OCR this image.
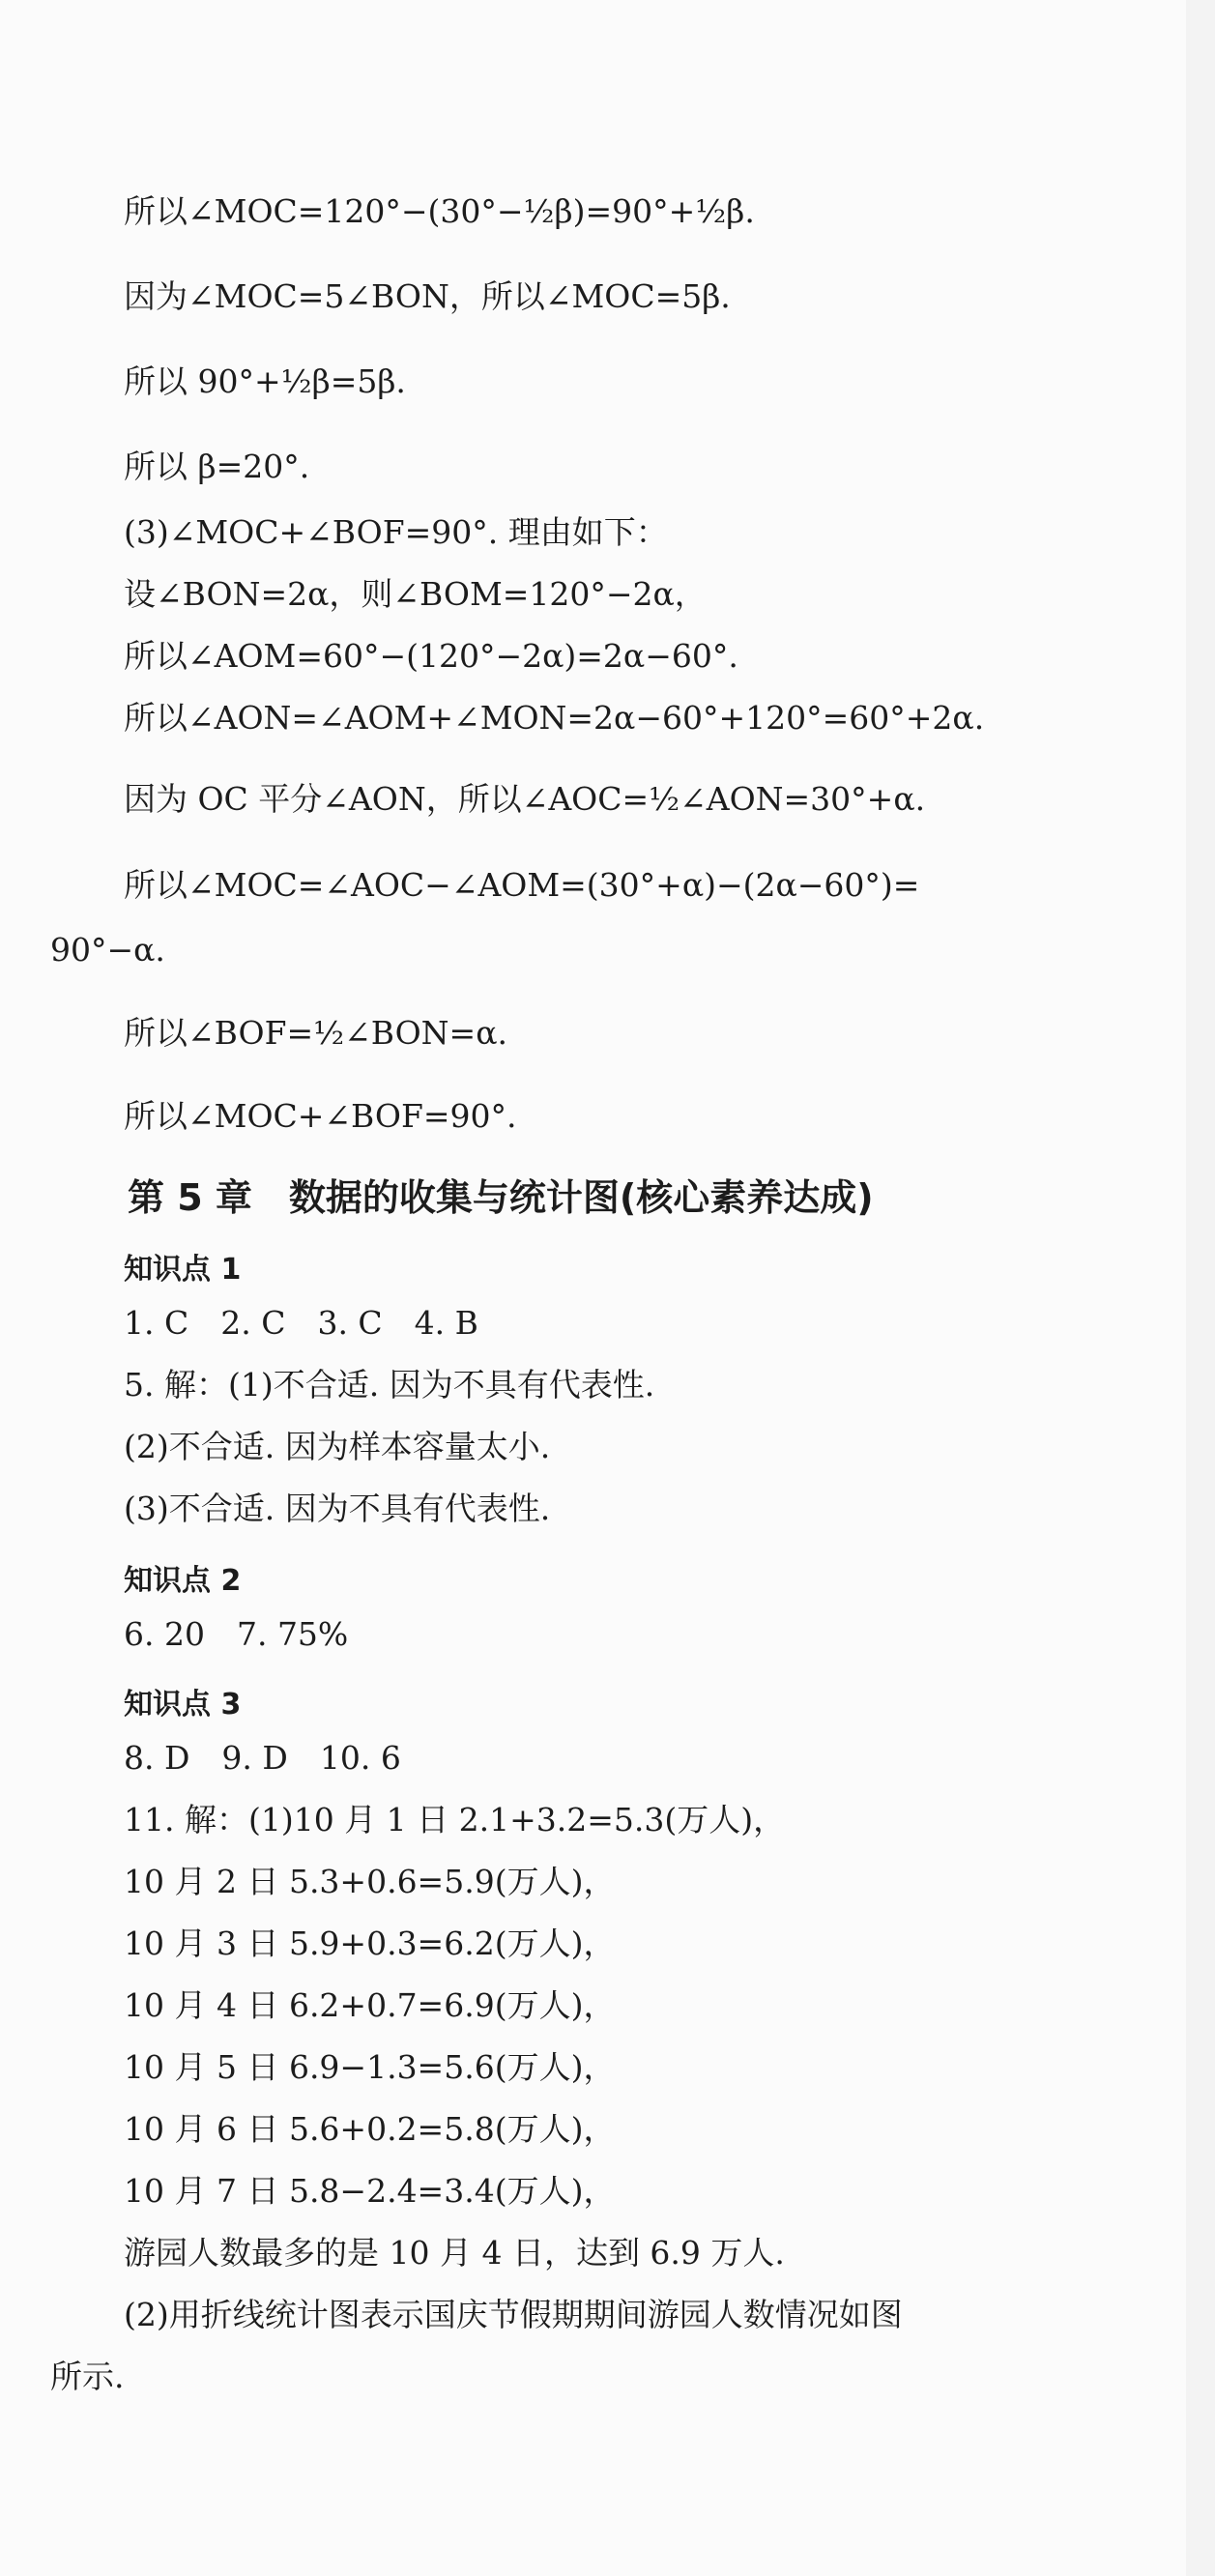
所以∠MOC=120°−(30°−½β)=90°+½β.
因为∠MOC=5∠BON，所以∠MOC=5β.
所以 90°+½β=5β.
所以 β=20°.
(3)∠MOC+∠BOF=90°. 理由如下：
设∠BON=2α，则∠BOM=120°−2α，
所以∠AOM=60°−(120°−2α)=2α−60°.
所以∠AON=∠AOM+∠MON=2α−60°+120°=60°+2α.
因为 OC 平分∠AON，所以∠AOC=½∠AON=30°+α.
所以∠MOC=∠AOC−∠AOM=(30°+α)−(2α−60°)=
90°−α.
所以∠BOF=½∠BON=α.
所以∠MOC+∠BOF=90°.
第 5 章　数据的收集与统计图(核心素养达成)
知识点 1
1. C　2. C　3. C　4. B
5. 解：(1)不合适. 因为不具有代表性.
(2)不合适. 因为样本容量太小.
(3)不合适. 因为不具有代表性.
知识点 2
6. 20　7. 75%
知识点 3
8. D　9. D　10. 6
11. 解：(1)10 月 1 日 2.1+3.2=5.3(万人)，
10 月 2 日 5.3+0.6=5.9(万人)，
10 月 3 日 5.9+0.3=6.2(万人)，
10 月 4 日 6.2+0.7=6.9(万人)，
10 月 5 日 6.9−1.3=5.6(万人)，
10 月 6 日 5.6+0.2=5.8(万人)，
10 月 7 日 5.8−2.4=3.4(万人)，
游园人数最多的是 10 月 4 日，达到 6.9 万人.
(2)用折线统计图表示国庆节假期期间游园人数情况如图
所示.
